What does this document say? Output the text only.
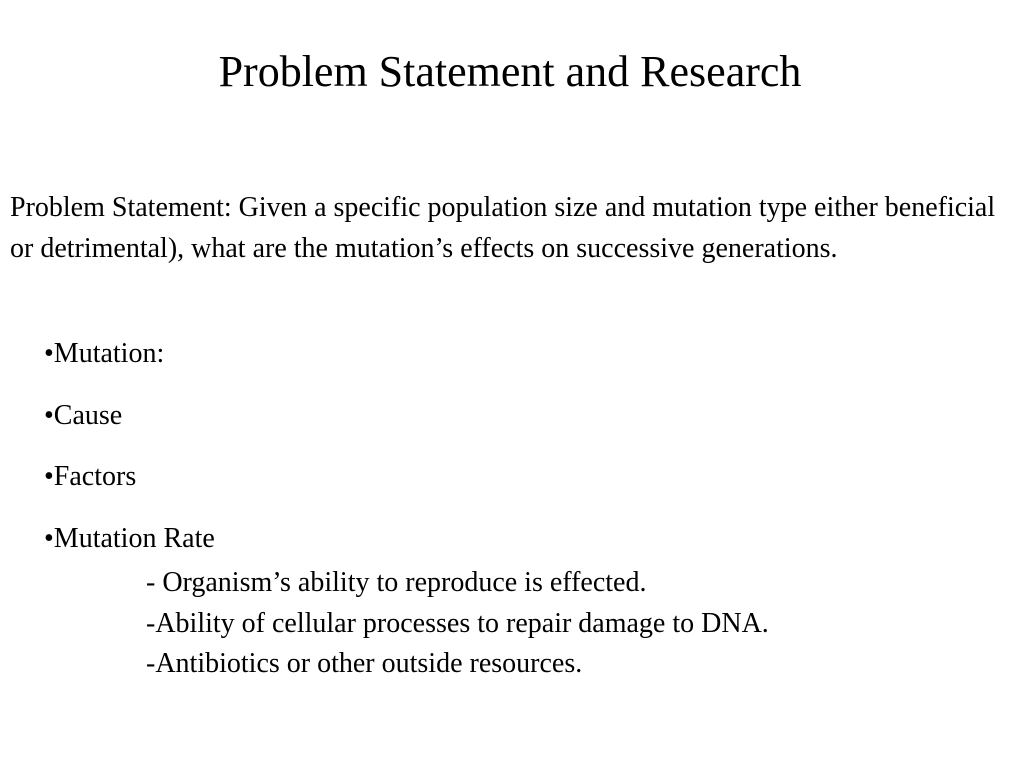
Problem Statement and Research

Problem Statement: Given a specific population size and mutation type either beneficial or detrimental), what are the mutation’s effects on successive generations.

•Mutation:
•Cause
•Factors
•Mutation Rate
- Organism’s ability to reproduce is effected.
-Ability of cellular processes to repair damage to DNA.
-Antibiotics or other outside resources.
